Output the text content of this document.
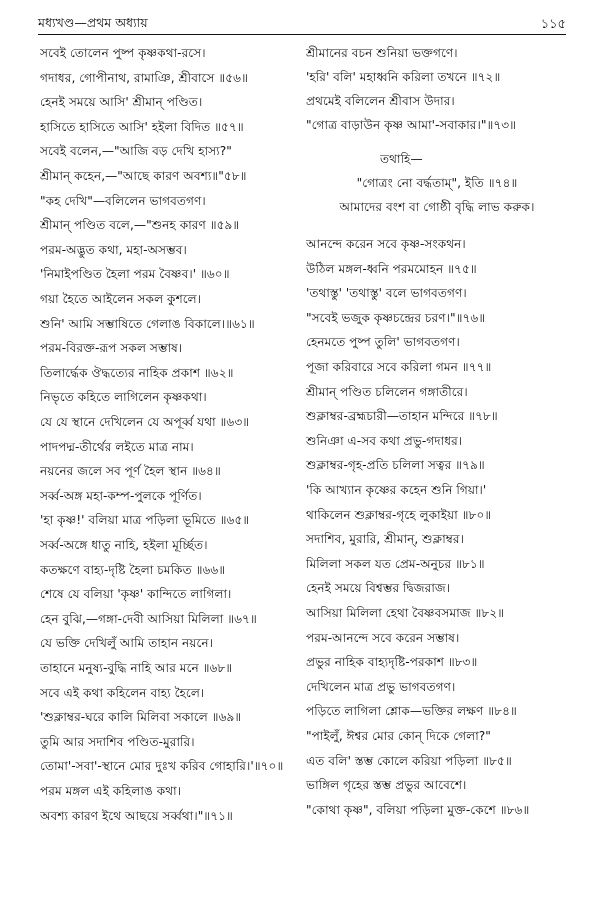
মধ্যখণ্ড—প্রথম অধ্যায়	১১৫
সবেই তোলেন পুষ্প কৃষ্ণকথা-রসে।
গদাধর, গোপীনাথ, রামাঞি, শ্রীবাসে ॥৫৬॥
হেনই সময়ে আসি' শ্রীমান্ পণ্ডিত।
হাসিতে হাসিতে আসি' হইলা বিদিত ॥৫৭॥
সবেই বলেন,—"আজি বড় দেখি হাস্য?"
শ্রীমান্ কহেন,—"আছে কারণ অবশ্য॥"৫৮॥
"কহ দেখি"—বলিলেন ভাগবতগণ।
শ্রীমান্ পণ্ডিত বলে,—"শুনহ কারণ ॥৫৯॥
পরম-অদ্ভুত কথা, মহা-অসম্ভব।
'নিমাইপণ্ডিত হৈলা পরম বৈষ্ণব।' ॥৬০॥
গয়া হৈতে আইলেন সকল কুশলে।
শুনি' আমি সম্ভাষিতে গেলাঙ বিকালে।॥৬১॥
পরম-বিরক্ত-রূপ সকল সম্ভাষ।
তিলার্দ্ধেক ঔদ্ধত্যের নাহিক প্রকাশ ॥৬২॥
নিভৃতে কহিতে লাগিলেন কৃষ্ণকথা।
যে যে স্থানে দেখিলেন যে অপূর্ব্ব যথা ॥৬৩॥
পাদপদ্ম-তীর্থের লইতে মাত্র নাম।
নয়নের জলে সব পূর্ণ হৈল স্থান ॥৬৪॥
সর্ব্ব-অঙ্গ মহা-কম্প-পুলকে পূর্ণিত।
'হা কৃষ্ণ!' বলিয়া মাত্র পড়িলা ভূমিতে ॥৬৫॥
সর্ব্ব-অঙ্গে ধাতু নাহি, হইলা মূর্চ্ছিত।
কতক্ষণে বাহ্য-দৃষ্টি হৈলা চমকিত ॥৬৬॥
শেষে যে বলিয়া 'কৃষ্ণ' কান্দিতে লাগিলা।
হেন বুঝি,—গঙ্গা-দেবী আসিয়া মিলিলা ॥৬৭॥
যে ভক্তি দেখিলুঁ আমি তাহান নয়নে।
তাহানে মনুষ্য-বুদ্ধি নাহি আর মনে ॥৬৮॥
সবে এই কথা কহিলেন বাহ্য হৈলে।
'শুক্লাম্বর-ঘরে কালি মিলিবা সকালে ॥৬৯॥
তুমি আর সদাশিব পণ্ডিত-মুরারি।
তোমা'-সবা'-স্থানে মোর দুঃখ করিব গোহারি।'॥৭০॥
পরম মঙ্গল এই কহিলাঙ কথা।
অবশ্য কারণ ইথে আছয়ে সর্ব্বথা।"॥৭১॥
শ্রীমানের বচন শুনিয়া ভক্তগণে।
'হরি' বলি' মহাধ্বনি করিলা তখনে ॥৭২॥
প্রথমেই বলিলেন শ্রীবাস উদার।
"গোত্র বাড়াউন কৃষ্ণ আমা'-সবাকার।"॥৭৩॥
তথাহি—
"গোত্রং নো বর্দ্ধতাম্", ইতি ॥৭৪॥
আমাদের বংশ বা গোষ্ঠী বৃদ্ধি লাভ করুক।
আনন্দে করেন সবে কৃষ্ণ-সংকথন।
উঠিল মঙ্গল-ধ্বনি পরমমোহন ॥৭৫॥
'তথাস্তু' 'তথাস্তু' বলে ভাগবতগণ।
"সবেই ভজুক কৃষ্ণচন্দ্রের চরণ।"॥৭৬॥
হেনমতে পুষ্প তুলি' ভাগবতগণ।
পূজা করিবারে সবে করিলা গমন ॥৭৭॥
শ্রীমান্ পণ্ডিত চলিলেন গঙ্গাতীরে।
শুক্লাম্বর-ব্রহ্মচারী—তাহান মন্দিরে ॥৭৮॥
শুনিঞা এ-সব কথা প্রভু-গদাধর।
শুক্লাম্বর-গৃহ-প্রতি চলিলা সত্বর ॥৭৯॥
'কি আখ্যান কৃষ্ণের কহেন শুনি গিয়া।'
থাকিলেন শুক্লাম্বর-গৃহে লুকাইয়া ॥৮০॥
সদাশিব, মুরারি, শ্রীমান্, শুক্লাম্বর।
মিলিলা সকল যত প্রেম-অনুচর ॥৮১॥
হেনই সময়ে বিশ্বম্ভর দ্বিজরাজ।
আসিয়া মিলিলা হেথা বৈষ্ণবসমাজ ॥৮২॥
পরম-আনন্দে সবে করেন সম্ভাষ।
প্রভুর নাহিক বাহ্যদৃষ্টি-পরকাশ ॥৮৩॥
দেখিলেন মাত্র প্রভু ভাগবতগণ।
পড়িতে লাগিলা শ্লোক—ভক্তির লক্ষণ ॥৮৪॥
"পাইলুঁ, ঈশ্বর মোর কোন্ দিকে গেলা?"
এত বলি' স্তম্ভ কোলে করিয়া পড়িলা ॥৮৫॥
ভাঙ্গিল গৃহের স্তম্ভ প্রভুর আবেশে।
"কোথা কৃষ্ণ", বলিয়া পড়িলা মুক্ত-কেশে ॥৮৬॥
